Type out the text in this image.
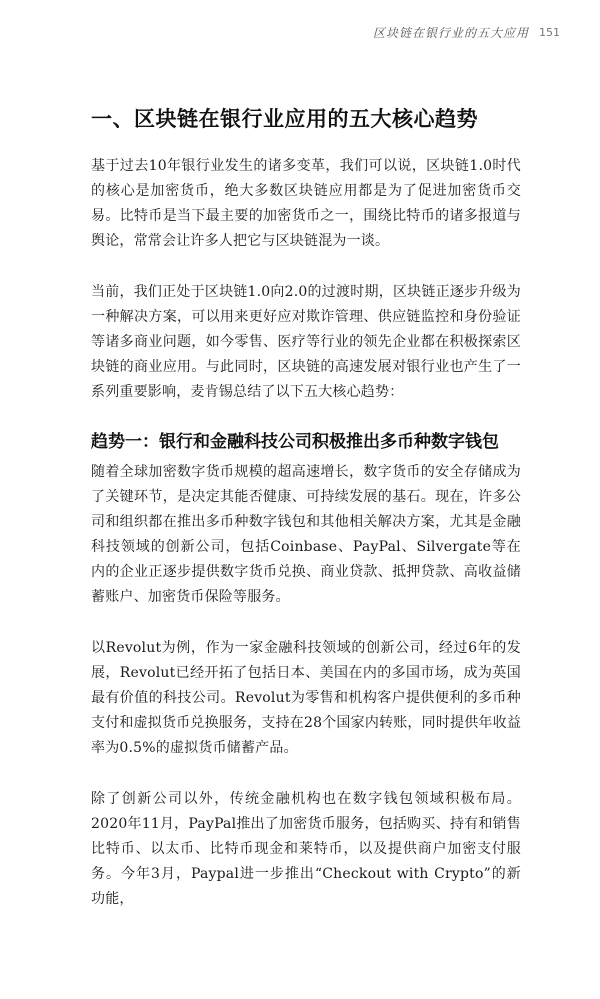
区块链在银行业的五大应用 151
一、区块链在银行业应用的五大核心趋势

基于过去10年银行业发生的诸多变革，我们可以说，区块链1.0时代的核心是加密货币，绝大多数区块链应用都是为了促进加密货币交易。比特币是当下最主要的加密货币之一，围绕比特币的诸多报道与舆论，常常会让许多人把它与区块链混为一谈。

当前，我们正处于区块链1.0向2.0的过渡时期，区块链正逐步升级为一种解决方案，可以用来更好应对欺诈管理、供应链监控和身份验证等诸多商业问题，如今零售、医疗等行业的领先企业都在积极探索区块链的商业应用。与此同时，区块链的高速发展对银行业也产生了一系列重要影响，麦肯锡总结了以下五大核心趋势：

趋势一：银行和金融科技公司积极推出多币种数字钱包

随着全球加密数字货币规模的超高速增长，数字货币的安全存储成为了关键环节，是决定其能否健康、可持续发展的基石。现在，许多公司和组织都在推出多币种数字钱包和其他相关解决方案，尤其是金融科技领域的创新公司，包括Coinbase、PayPal、Silvergate等在内的企业正逐步提供数字货币兑换、商业贷款、抵押贷款、高收益储蓄账户、加密货币保险等服务。

以Revolut为例，作为一家金融科技领域的创新公司，经过6年的发展，Revolut已经开拓了包括日本、美国在内的多国市场，成为英国最有价值的科技公司。Revolut为零售和机构客户提供便利的多币种支付和虚拟货币兑换服务，支持在28个国家内转账，同时提供年收益率为0.5%的虚拟货币储蓄产品。

除了创新公司以外，传统金融机构也在数字钱包领域积极布局。2020年11月，PayPal推出了加密货币服务，包括购买、持有和销售比特币、以太币、比特币现金和莱特币，以及提供商户加密支付服务。今年3月，Paypal进一步推出“Checkout with Crypto”的新功能，
